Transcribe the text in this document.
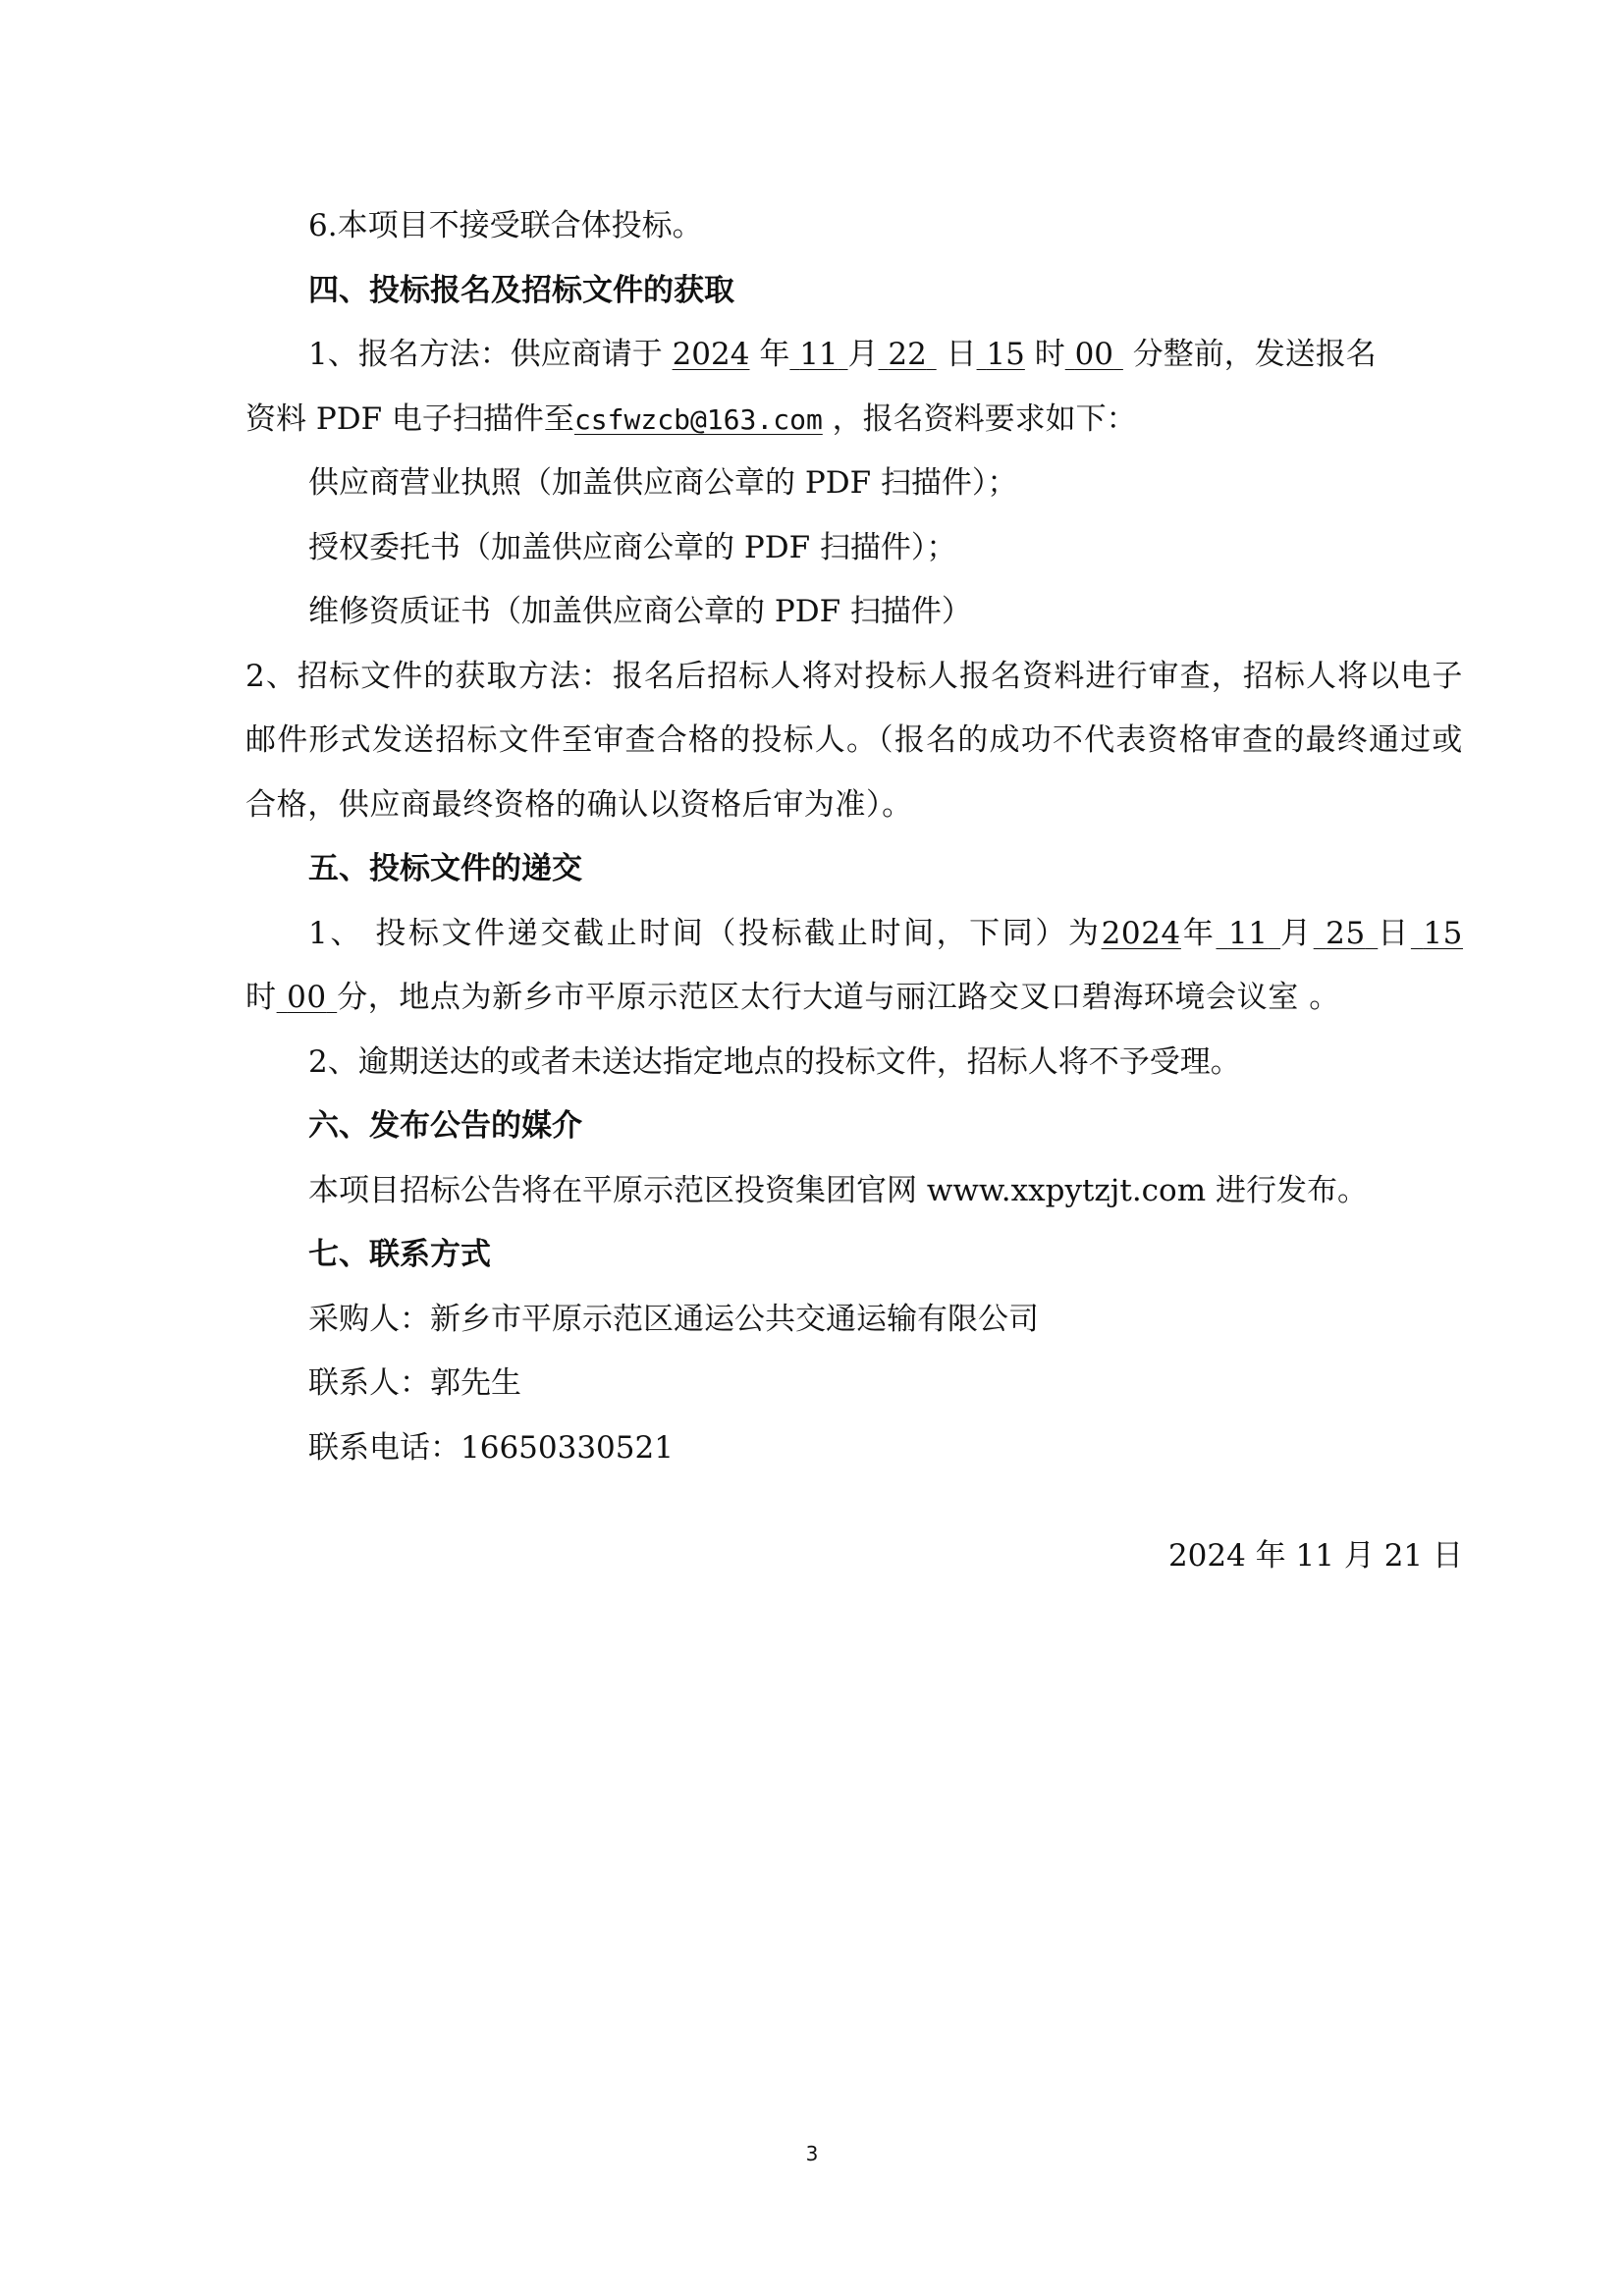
6.本项目不接受联合体投标。

四、投标报名及招标文件的获取

1、报名方法：供应商请于 2024 年 11 月 22  日 15 时 00  分整前，发送报名

资料 PDF 电子扫描件至csfwzcb@163.com ，报名资料要求如下：

供应商营业执照（加盖供应商公章的 PDF 扫描件）；

授权委托书（加盖供应商公章的 PDF 扫描件）；

维修资质证书（加盖供应商公章的 PDF 扫描件）

2、招标文件的获取方法：报名后招标人将对投标人报名资料进行审查，招标人将以电子邮件形式发送招标文件至审查合格的投标人。（报名的成功不代表资格审查的最终通过或合格，供应商最终资格的确认以资格后审为准）。

五、投标文件的递交

1、 投标文件递交截止时间（投标截止时间，下同）为2024年 11 月 25 日 15时 00 分，地点为新乡市平原示范区太行大道与丽江路交叉口碧海环境会议室 。

2、逾期送达的或者未送达指定地点的投标文件，招标人将不予受理。

六、发布公告的媒介

本项目招标公告将在平原示范区投资集团官网 www.xxpytzjt.com 进行发布。

七、联系方式

采购人：新乡市平原示范区通运公共交通运输有限公司

联系人：郭先生

联系电话：16650330521

2024 年 11 月 21 日
3
